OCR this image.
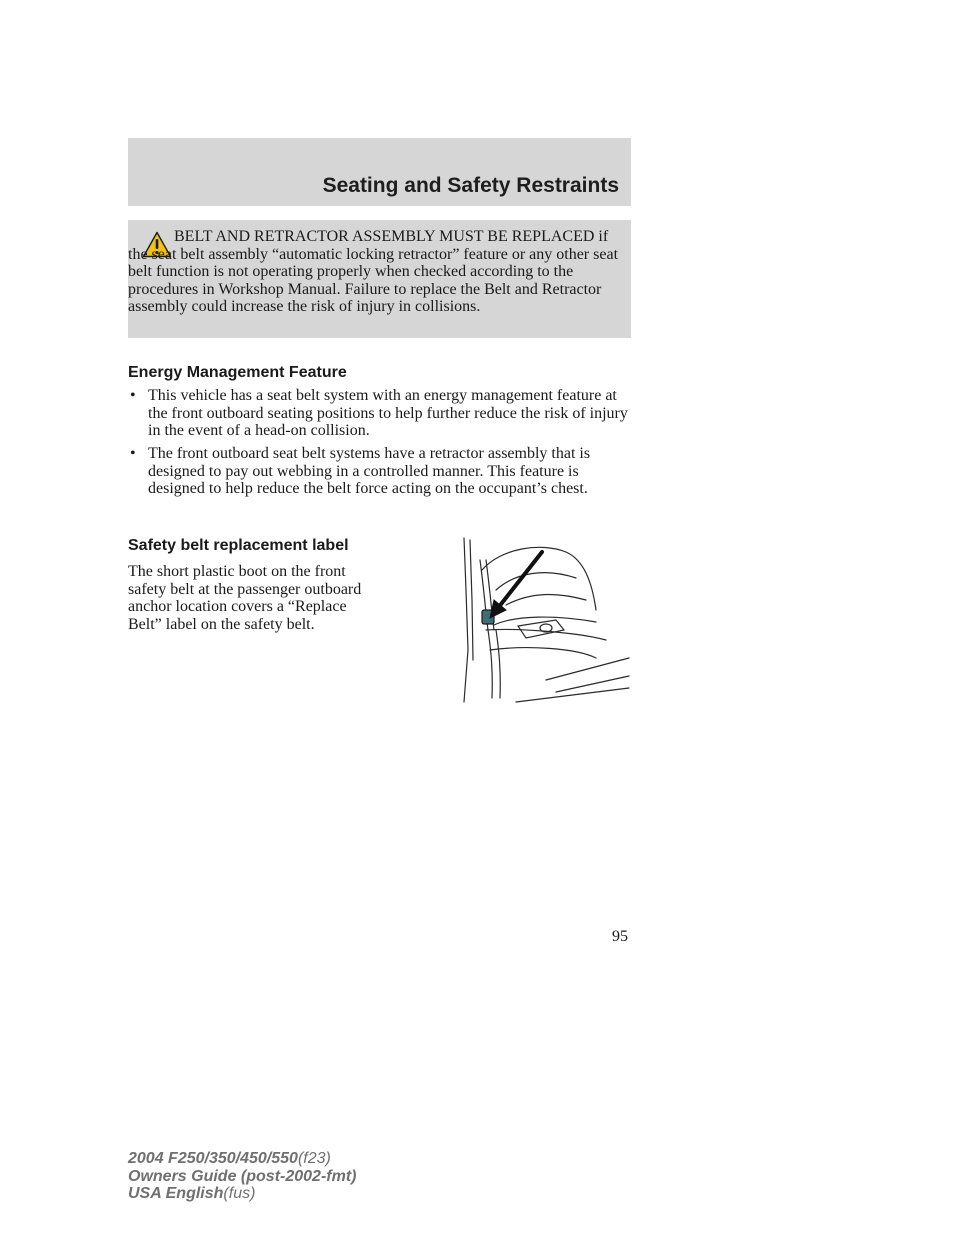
Seating and Safety Restraints

BELT AND RETRACTOR ASSEMBLY MUST BE REPLACED if the seat belt assembly “automatic locking retractor” feature or any other seat belt function is not operating properly when checked according to the procedures in Workshop Manual. Failure to replace the Belt and Retractor assembly could increase the risk of injury in collisions.

Energy Management Feature
• This vehicle has a seat belt system with an energy management feature at the front outboard seating positions to help further reduce the risk of injury in the event of a head-on collision.
• The front outboard seat belt systems have a retractor assembly that is designed to pay out webbing in a controlled manner. This feature is designed to help reduce the belt force acting on the occupant’s chest.
Safety belt replacement label

The short plastic boot on the front safety belt at the passenger outboard anchor location covers a “Replace Belt” label on the safety belt.

95

2004 F250/350/450/550(f23)
Owners Guide (post-2002-fmt)
USA English(fus)
